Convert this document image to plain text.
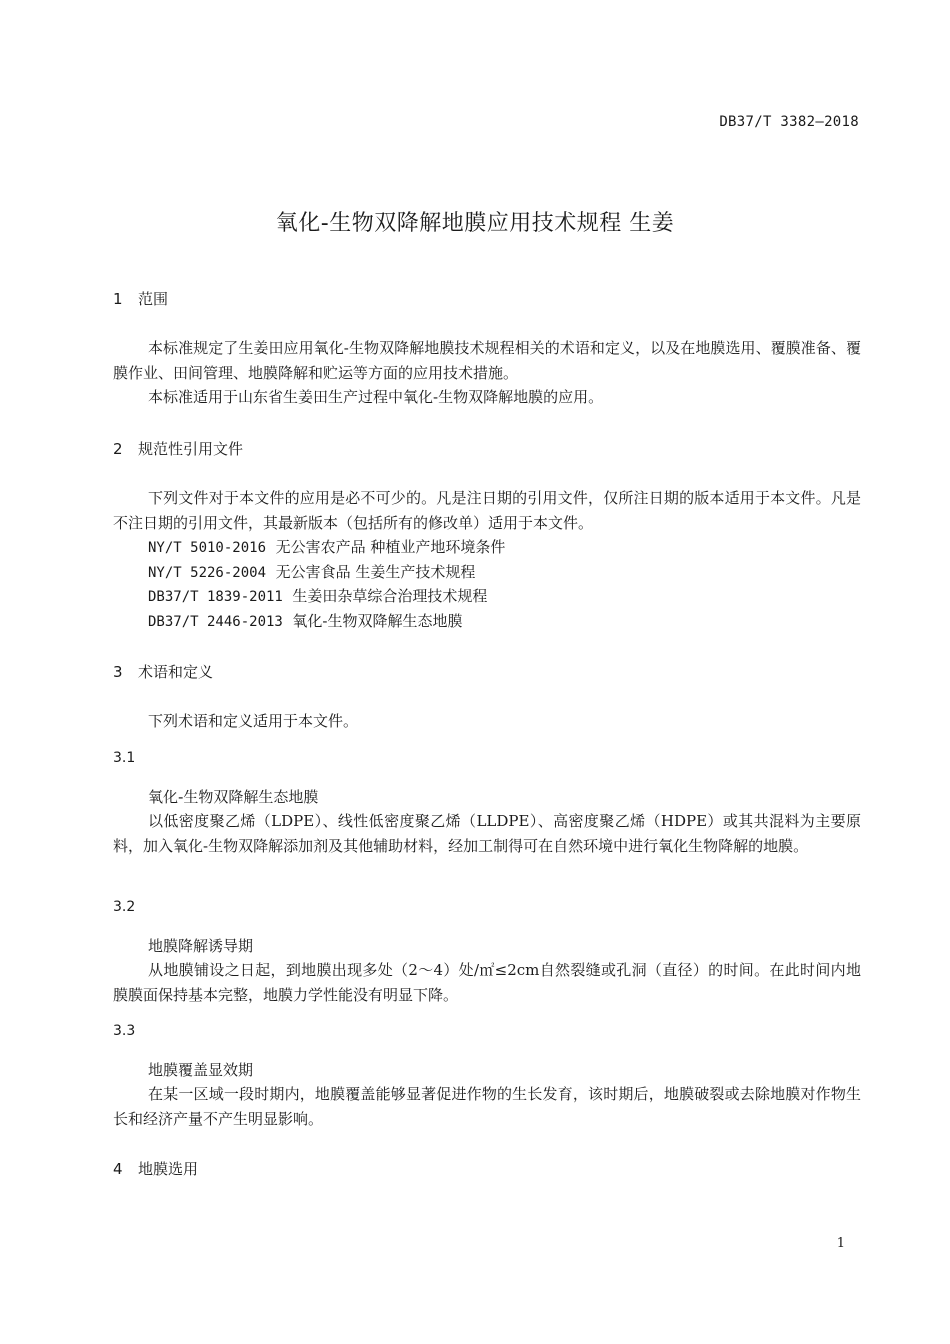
DB37/T 3382—2018
氧化-生物双降解地膜应用技术规程 生姜
1 范围
本标准规定了生姜田应用氧化-生物双降解地膜技术规程相关的术语和定义，以及在地膜选用、覆膜准备、覆膜作业、田间管理、地膜降解和贮运等方面的应用技术措施。
本标准适用于山东省生姜田生产过程中氧化-生物双降解地膜的应用。
2 规范性引用文件
下列文件对于本文件的应用是必不可少的。凡是注日期的引用文件，仅所注日期的版本适用于本文件。凡是不注日期的引用文件，其最新版本（包括所有的修改单）适用于本文件。
NY/T 5010-2016 无公害农产品 种植业产地环境条件
NY/T 5226-2004 无公害食品 生姜生产技术规程
DB37/T 1839-2011 生姜田杂草综合治理技术规程
DB37/T 2446-2013 氧化-生物双降解生态地膜
3 术语和定义
下列术语和定义适用于本文件。
3.1
氧化-生物双降解生态地膜
以低密度聚乙烯（LDPE）、线性低密度聚乙烯（LLDPE）、高密度聚乙烯（HDPE）或其共混料为主要原料，加入氧化-生物双降解添加剂及其他辅助材料，经加工制得可在自然环境中进行氧化生物降解的地膜。
3.2
地膜降解诱导期
从地膜铺设之日起，到地膜出现多处（2～4）处/㎡≤2cm自然裂缝或孔洞（直径）的时间。在此时间内地膜膜面保持基本完整，地膜力学性能没有明显下降。
3.3
地膜覆盖显效期
在某一区域一段时期内，地膜覆盖能够显著促进作物的生长发育，该时期后，地膜破裂或去除地膜对作物生长和经济产量不产生明显影响。
4 地膜选用
1
